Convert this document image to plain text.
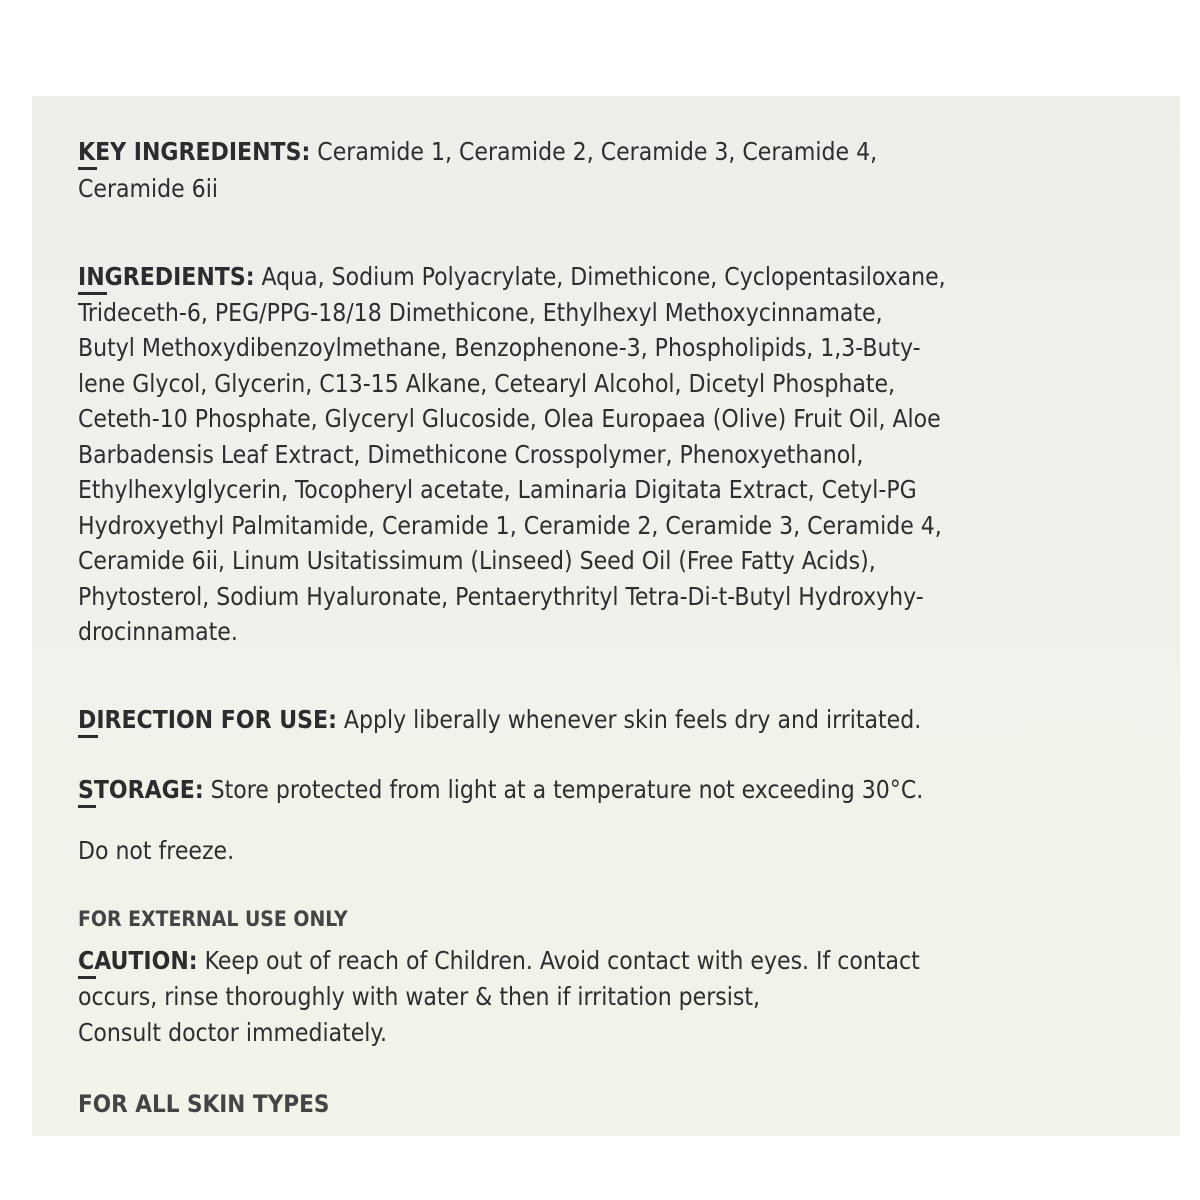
KEY INGREDIENTS: Ceramide 1, Ceramide 2, Ceramide 3, Ceramide 4,
Ceramide 6ii

INGREDIENTS: Aqua, Sodium Polyacrylate, Dimethicone, Cyclopentasiloxane,
Trideceth-6, PEG/PPG-18/18 Dimethicone, Ethylhexyl Methoxycinnamate,
Butyl Methoxydibenzoylmethane, Benzophenone-3, Phospholipids, 1,3-Buty-
lene Glycol, Glycerin, C13-15 Alkane, Cetearyl Alcohol, Dicetyl Phosphate,
Ceteth-10 Phosphate, Glyceryl Glucoside, Olea Europaea (Olive) Fruit Oil, Aloe
Barbadensis Leaf Extract, Dimethicone Crosspolymer, Phenoxyethanol,
Ethylhexylglycerin, Tocopheryl acetate, Laminaria Digitata Extract, Cetyl-PG
Hydroxyethyl Palmitamide, Ceramide 1, Ceramide 2, Ceramide 3, Ceramide 4,
Ceramide 6ii, Linum Usitatissimum (Linseed) Seed Oil (Free Fatty Acids),
Phytosterol, Sodium Hyaluronate, Pentaerythrityl Tetra-Di-t-Butyl Hydroxyhy-
drocinnamate.

DIRECTION FOR USE: Apply liberally whenever skin feels dry and irritated.

STORAGE: Store protected from light at a temperature not exceeding 30°C.

Do not freeze.

FOR EXTERNAL USE ONLY

CAUTION: Keep out of reach of Children. Avoid contact with eyes. If contact
occurs, rinse thoroughly with water & then if irritation persist,
Consult doctor immediately.

FOR ALL SKIN TYPES
